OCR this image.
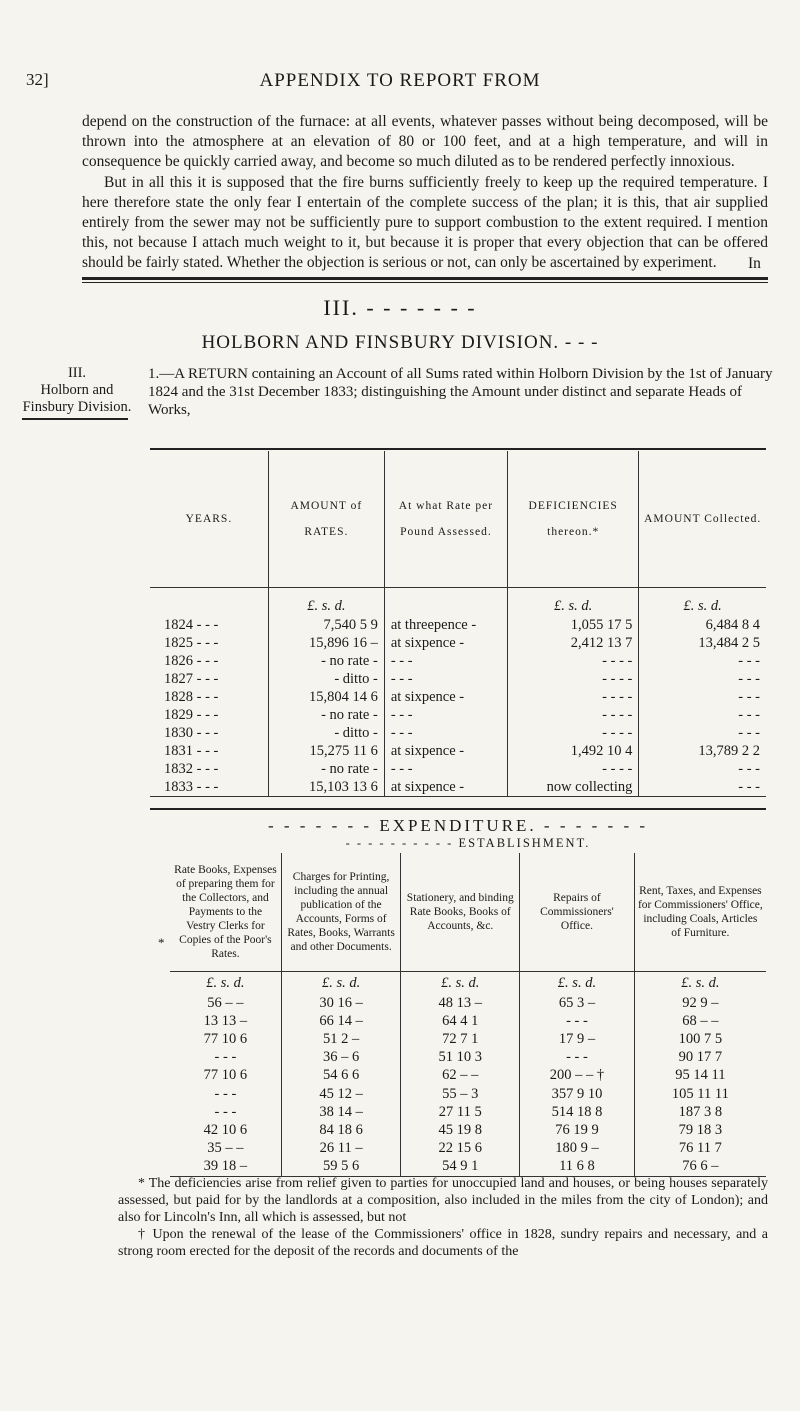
32]	APPENDIX TO REPORT FROM
depend on the construction of the furnace: at all events, whatever passes without being decomposed, will be thrown into the atmosphere at an elevation of 80 or 100 feet, and at a high temperature, and will in consequence be quickly carried away, and become so much diluted as to be rendered perfectly innoxious.
But in all this it is supposed that the fire burns sufficiently freely to keep up the required temperature. I here therefore state the only fear I entertain of the complete success of the plan; it is this, that air supplied entirely from the sewer may not be sufficiently pure to support combustion to the extent required. I mention this, not because I attach much weight to it, but because it is proper that every objection that can be offered should be fairly stated. Whether the objection is serious or not, can only be ascertained by experiment.	In
III. - - - - - - -
HOLBORN AND FINSBURY DIVISION. - - -
III.
Holborn and Finsbury Division.
1.—A RETURN containing an Account of all Sums rated within Holborn Division by the 1st of January 1824 and the 31st December 1833; distinguishing the Amount under distinct and separate Heads of Works,
YEARS.	AMOUNT of RATES.	At what Rate per Pound Assessed.	DEFICIENCIES thereon.*	AMOUNT Collected.
	£. s. d.		£. s. d.	£. s. d.
1824 - - -	7,540 5 9	at threepence -	1,055 17 5	6,484 8 4
1825 - - -	15,896 16 –	at sixpence -	2,412 13 7	13,484 2 5
1826 - - -	- no rate -	- - -	- - - -	- - -
1827 - - -	- ditto -	- - -	- - - -	- - -
1828 - - -	15,804 14 6	at sixpence -	- - - -	- - -
1829 - - -	- no rate -	- - -	- - - -	- - -
1830 - - -	- ditto -	- - -	- - - -	- - -
1831 - - -	15,275 11 6	at sixpence -	1,492 10 4	13,789 2 2
1832 - - -	- no rate -	- - -	- - - -	- - -
1833 - - -	15,103 13 6	at sixpence -	now collecting	- - -
- - - - - - - EXPENDITURE. - - - - - - -
- - - - - - - - - - ESTABLISHMENT.
*
Rate Books, Expenses of preparing them for the Collectors, and Payments to the Vestry Clerks for Copies of the Poor's Rates.	Charges for Printing, including the annual publication of the Accounts, Forms of Rates, Books, Warrants and other Documents.	Stationery, and binding Rate Books, Books of Accounts, &c.	Repairs of Commissioners' Office.	Rent, Taxes, and Expenses for Commissioners' Office, including Coals, Articles of Furniture.
£. s. d.	£. s. d.	£. s. d.	£. s. d.	£. s. d.
56 – –	30 16 –	48 13 –	65 3 –	92 9 –
13 13 –	66 14 –	64 4 1	- - -	68 – –
77 10 6	51 2 –	72 7 1	17 9 –	100 7 5
- - -	36 – 6	51 10 3	- - -	90 17 7
77 10 6	54 6 6	62 – –	200 – – †	95 14 11
- - -	45 12 –	55 – 3	357 9 10	105 11 11
- - -	38 14 –	27 11 5	514 18 8	187 3 8
42 10 6	84 18 6	45 19 8	76 19 9	79 18 3
35 – –	26 11 –	22 15 6	180 9 –	76 11 7
39 18 –	59 5 6	54 9 1	11 6 8	76 6 –
* The deficiencies arise from relief given to parties for unoccupied land and houses, or being houses separately assessed, but paid for by the landlords at a composition, also included in the miles from the city of London); and also for Lincoln's Inn, all which is assessed, but not
† Upon the renewal of the lease of the Commissioners' office in 1828, sundry repairs and necessary, and a strong room erected for the deposit of the records and documents of the
